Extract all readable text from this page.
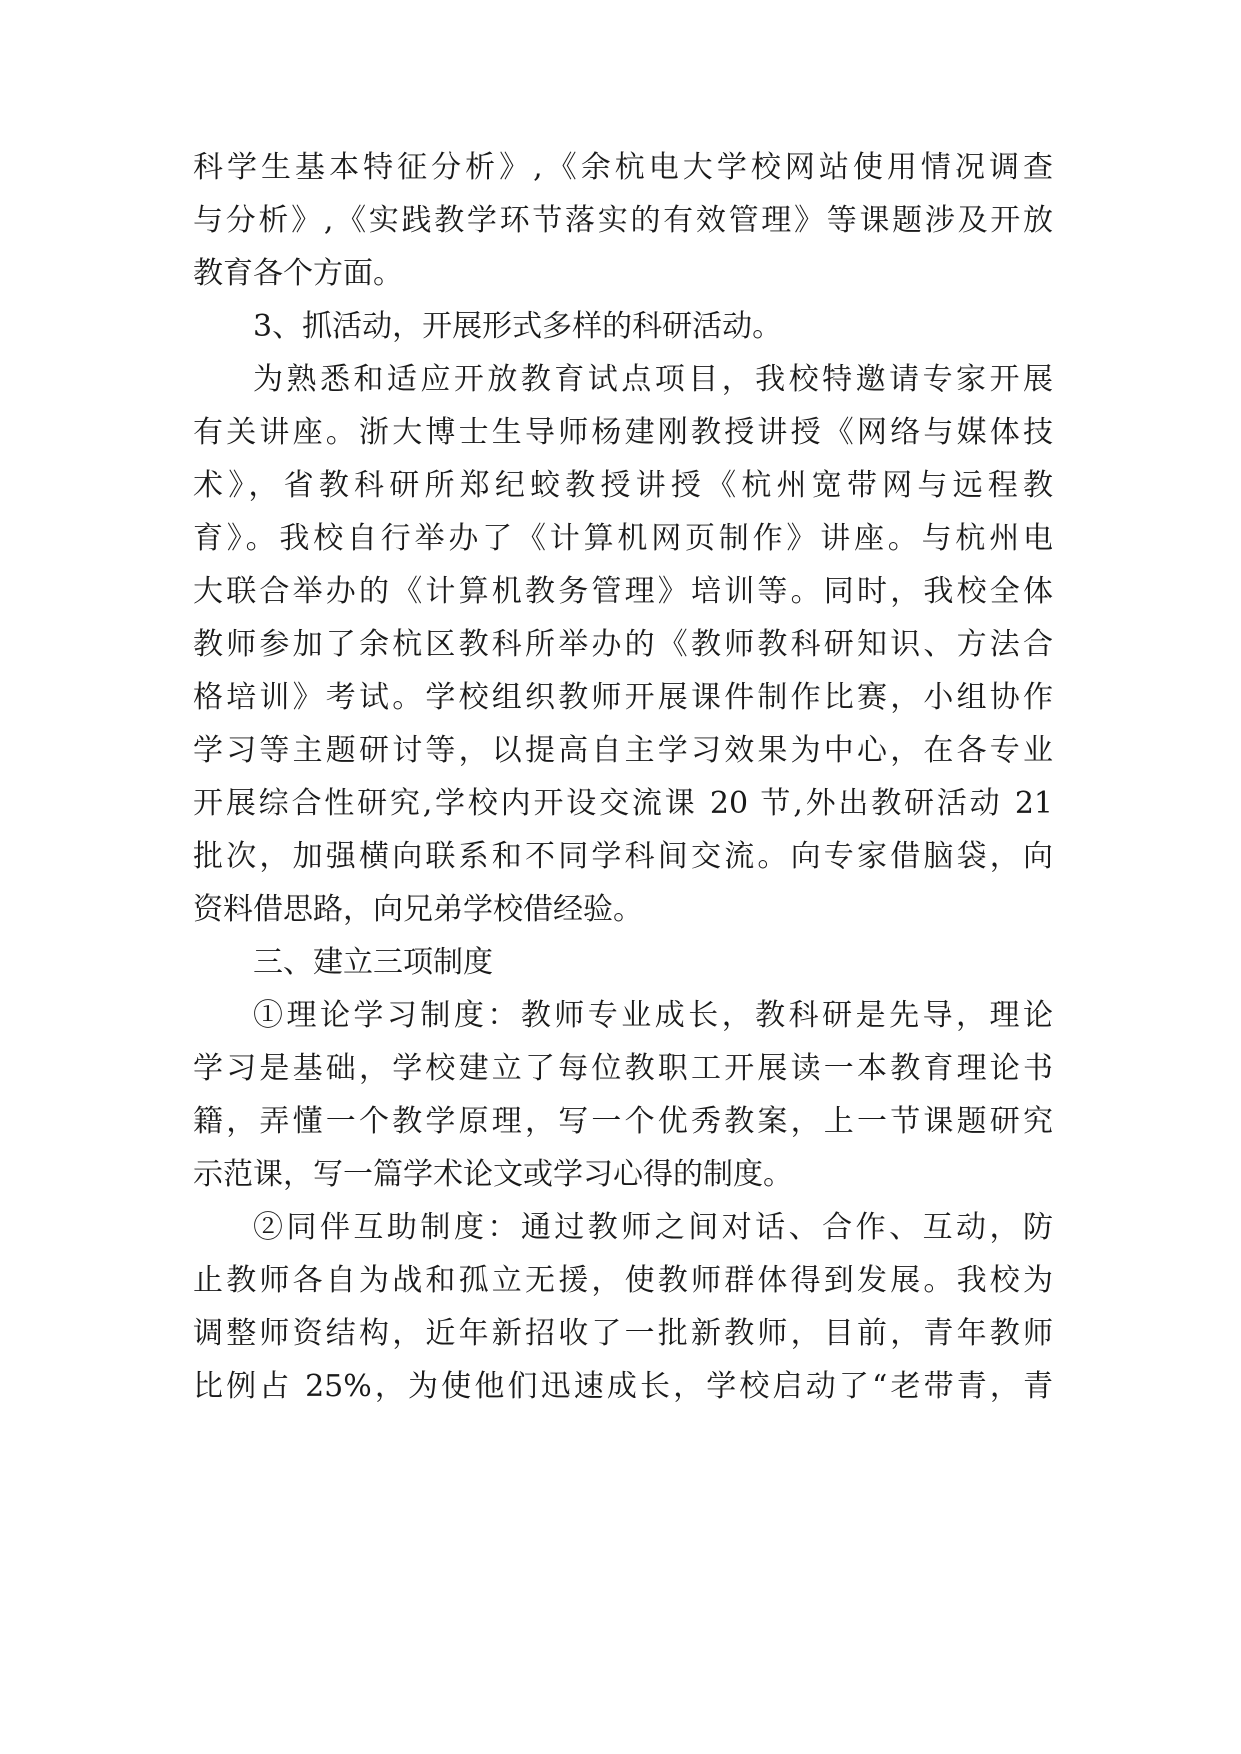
科学生基本特征分析》,《余杭电大学校网站使用情况调查
与分析》,《实践教学环节落实的有效管理》等课题涉及开放
教育各个方面。
3、抓活动，开展形式多样的科研活动。
为熟悉和适应开放教育试点项目，我校特邀请专家开展
有关讲座。浙大博士生导师杨建刚教授讲授《网络与媒体技
术》，省教科研所郑纪蛟教授讲授《杭州宽带网与远程教
育》。我校自行举办了《计算机网页制作》讲座。与杭州电
大联合举办的《计算机教务管理》培训等。同时，我校全体
教师参加了余杭区教科所举办的《教师教科研知识、方法合
格培训》考试。学校组织教师开展课件制作比赛，小组协作
学习等主题研讨等，以提高自主学习效果为中心，在各专业
开展综合性研究,学校内开设交流课 20 节,外出教研活动 21
批次，加强横向联系和不同学科间交流。向专家借脑袋，向
资料借思路，向兄弟学校借经验。
三、建立三项制度
①理论学习制度：教师专业成长，教科研是先导，理论
学习是基础，学校建立了每位教职工开展读一本教育理论书
籍，弄懂一个教学原理，写一个优秀教案，上一节课题研究
示范课，写一篇学术论文或学习心得的制度。
②同伴互助制度：通过教师之间对话、合作、互动，防
止教师各自为战和孤立无援，使教师群体得到发展。我校为
调整师资结构，近年新招收了一批新教师，目前，青年教师
比例占 25%，为使他们迅速成长，学校启动了“老带青，青
